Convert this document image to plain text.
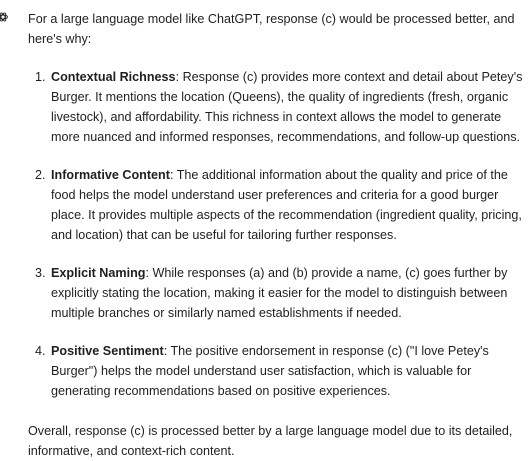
For a large language model like ChatGPT, response (c) would be processed better, and here's why:

1. Contextual Richness: Response (c) provides more context and detail about Petey's Burger. It mentions the location (Queens), the quality of ingredients (fresh, organic livestock), and affordability. This richness in context allows the model to generate more nuanced and informed responses, recommendations, and follow-up questions.
2. Informative Content: The additional information about the quality and price of the food helps the model understand user preferences and criteria for a good burger place. It provides multiple aspects of the recommendation (ingredient quality, pricing, and location) that can be useful for tailoring further responses.
3. Explicit Naming: While responses (a) and (b) provide a name, (c) goes further by explicitly stating the location, making it easier for the model to distinguish between multiple branches or similarly named establishments if needed.
4. Positive Sentiment: The positive endorsement in response (c) ("I love Petey's Burger") helps the model understand user satisfaction, which is valuable for generating recommendations based on positive experiences.

Overall, response (c) is processed better by a large language model due to its detailed, informative, and context-rich content.
